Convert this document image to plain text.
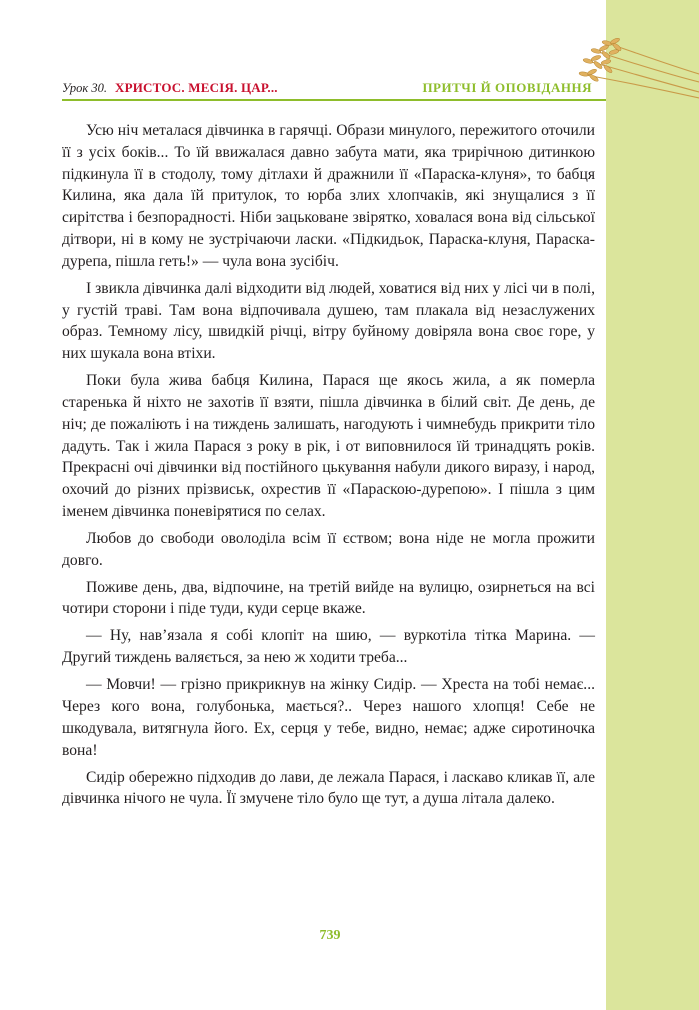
Урок 30. ХРИСТОС. МЕСІЯ. ЦАР...	ПРИТЧІ Й ОПОВІДАННЯ

Усю ніч металася дівчинка в гарячці. Образи минулого, пережитого оточили її з усіх боків... То їй ввижалася давно забута мати, яка трирічною дитинкою підкинула її в стодолу, тому дітлахи й дражнили її «Параска-клуня», то бабця Килина, яка дала їй притулок, то юрба злих хлопчаків, які знущалися з її сирітства і безпорадності. Ніби зацьковане звірятко, ховалася вона від сільської дітвори, ні в кому не зустрічаючи ласки. «Підкидьок, Параска-клуня, Параска-дурепа, пішла геть!» — чула вона зусібіч.

І звикла дівчинка далі відходити від людей, ховатися від них у лісі чи в полі, у густій траві. Там вона відпочивала душею, там плакала від незаслужених образ. Темному лісу, швидкій річці, вітру буйному довіряла вона своє горе, у них шукала вона втіхи.

Поки була жива бабця Килина, Парася ще якось жила, а як померла старенька й ніхто не захотів її взяти, пішла дівчинка в білий світ. Де день, де ніч; де пожаліють і на тиждень залишать, нагодують і чимнебудь прикрити тіло дадуть. Так і жила Парася з року в рік, і от виповнилося їй тринадцять років. Прекрасні очі дівчинки від постійного цькування набули дикого виразу, і народ, охочий до різних прізвиськ, охрестив її «Параскою-дурепою». І пішла з цим іменем дівчинка поневірятися по селах.

Любов до свободи оволоділа всім її єством; вона ніде не могла прожити довго.

Поживе день, два, відпочине, на третій вийде на вулицю, озирнеться на всі чотири сторони і піде туди, куди серце вкаже.

— Ну, нав’язала я собі клопіт на шию, — вуркотіла тітка Марина. — Другий тиждень валяється, за нею ж ходити треба...

— Мовчи! — грізно прикрикнув на жінку Сидір. — Хреста на тобі немає... Через кого вона, голубонька, мається?.. Через нашого хлопця! Себе не шкодувала, витягнула його. Ех, серця у тебе, видно, немає; адже сиротиночка вона!

Сидір обережно підходив до лави, де лежала Парася, і ласкаво кликав її, але дівчинка нічого не чула. Її змучене тіло було ще тут, а душа літала далеко.

739
